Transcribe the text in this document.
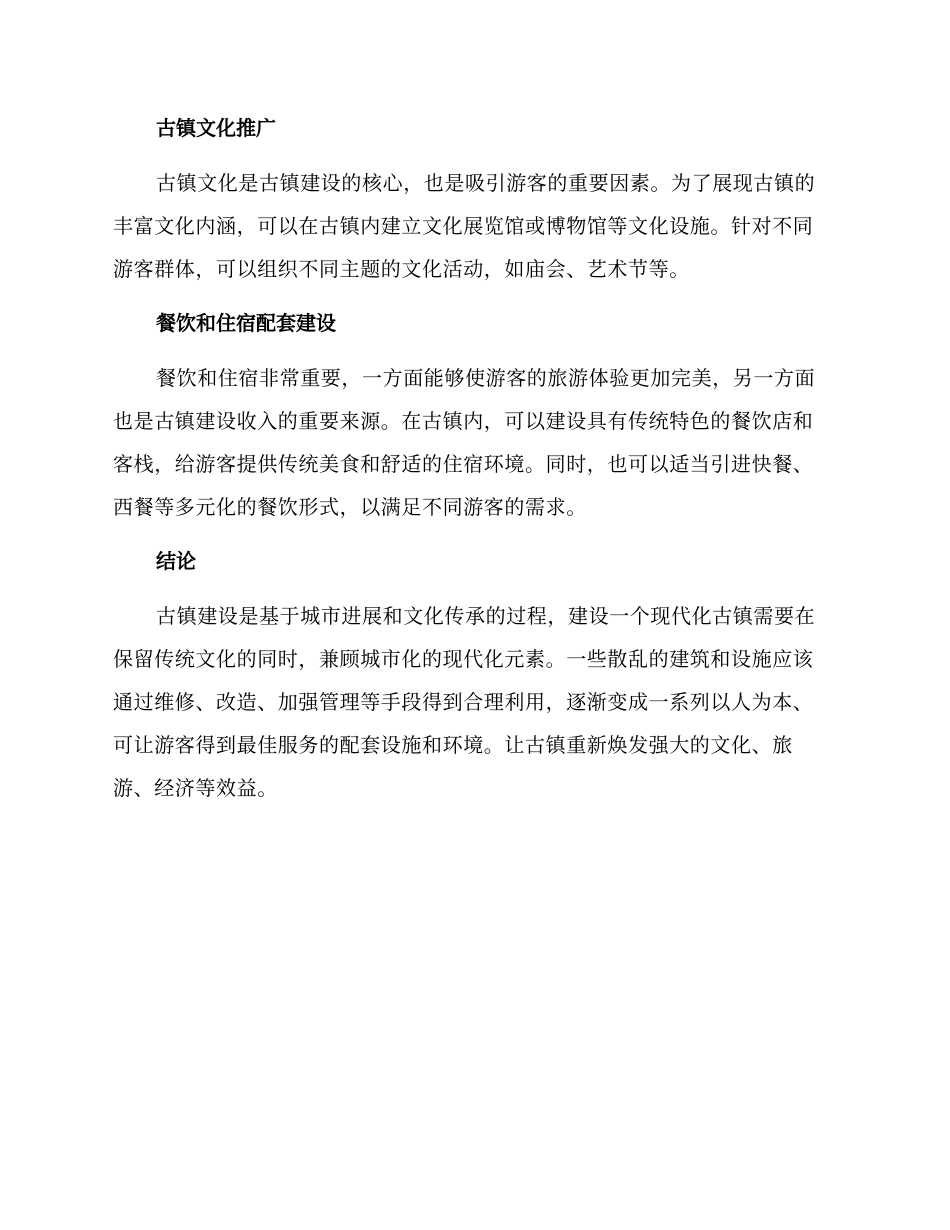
古镇文化推广

古镇文化是古镇建设的核心，也是吸引游客的重要因素。为了展现古镇的丰富文化内涵，可以在古镇内建立文化展览馆或博物馆等文化设施。针对不同游客群体，可以组织不同主题的文化活动，如庙会、艺术节等。

餐饮和住宿配套建设

餐饮和住宿非常重要，一方面能够使游客的旅游体验更加完美，另一方面也是古镇建设收入的重要来源。在古镇内，可以建设具有传统特色的餐饮店和客栈，给游客提供传统美食和舒适的住宿环境。同时，也可以适当引进快餐、西餐等多元化的餐饮形式，以满足不同游客的需求。

结论

古镇建设是基于城市进展和文化传承的过程，建设一个现代化古镇需要在保留传统文化的同时，兼顾城市化的现代化元素。一些散乱的建筑和设施应该通过维修、改造、加强管理等手段得到合理利用，逐渐变成一系列以人为本、可让游客得到最佳服务的配套设施和环境。让古镇重新焕发强大的文化、旅游、经济等效益。
